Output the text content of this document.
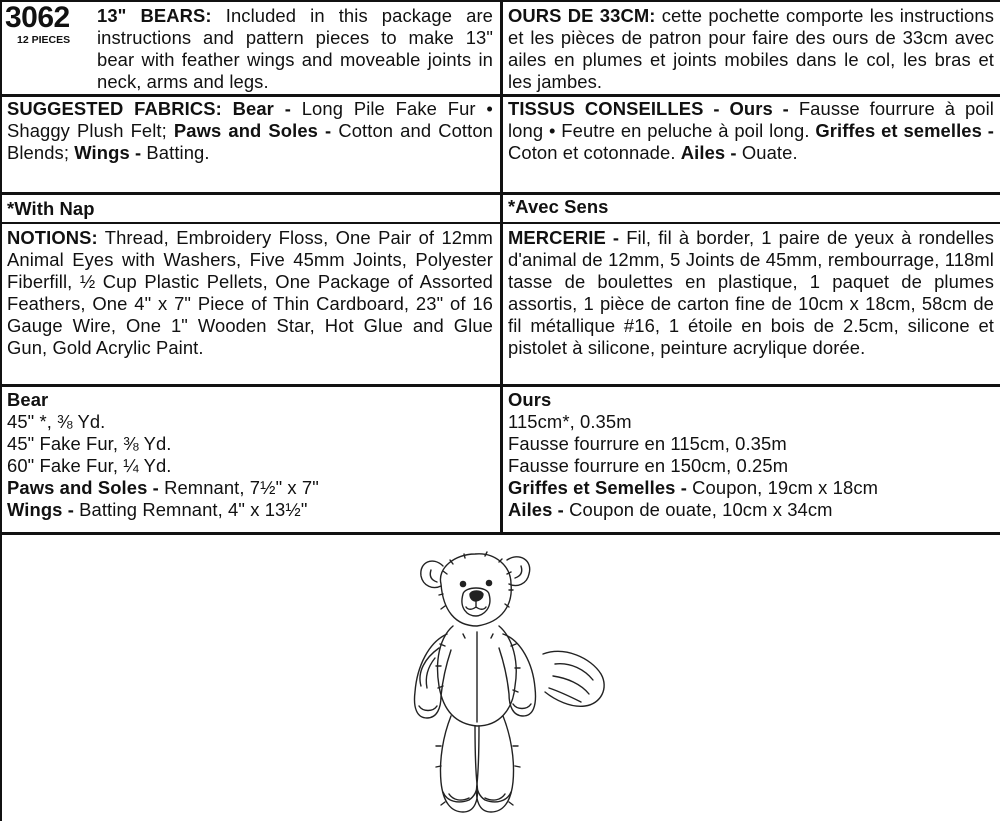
3062
12 PIECES
13" BEARS: Included in this package are instructions and pattern pieces to make 13" bear with feather wings and moveable joints in neck, arms and legs.
OURS DE 33CM: cette pochette comporte les instructions et les pièces de patron pour faire des ours de 33cm avec ailes en plumes et joints mobiles dans le col, les bras et les jambes.
SUGGESTED FABRICS: Bear - Long Pile Fake Fur • Shaggy Plush Felt; Paws and Soles - Cotton and Cotton Blends; Wings - Batting.
TISSUS CONSEILLES - Ours - Fausse fourrure à poil long • Feutre en peluche à poil long. Griffes et semelles - Coton et cotonnade. Ailes - Ouate.
*With Nap	*Avec Sens
NOTIONS: Thread, Embroidery Floss, One Pair of 12mm Animal Eyes with Washers, Five 45mm Joints, Polyester Fiberfill, ½ Cup Plastic Pellets, One Package of Assorted Feathers, One 4" x 7" Piece of Thin Cardboard, 23" of 16 Gauge Wire, One 1" Wooden Star, Hot Glue and Glue Gun, Gold Acrylic Paint.
MERCERIE - Fil, fil à border, 1 paire de yeux à rondelles d'animal de 12mm, 5 Joints de 45mm, rembourrage, 118ml tasse de boulettes en plastique, 1 paquet de plumes assortis, 1 pièce de carton fine de 10cm x 18cm, 58cm de fil métallique #16, 1 étoile en bois de 2.5cm, silicone et pistolet à silicone, peinture acrylique dorée.
Bear
45" *, ⅜ Yd.
45" Fake Fur, ⅜ Yd.
60" Fake Fur, ¼ Yd.
Paws and Soles - Remnant, 7½" x 7"
Wings - Batting Remnant, 4" x 13½"
Ours
115cm*, 0.35m
Fausse fourrure en 115cm, 0.35m
Fausse fourrure en 150cm, 0.25m
Griffes et Semelles - Coupon, 19cm x 18cm
Ailes - Coupon de ouate, 10cm x 34cm
